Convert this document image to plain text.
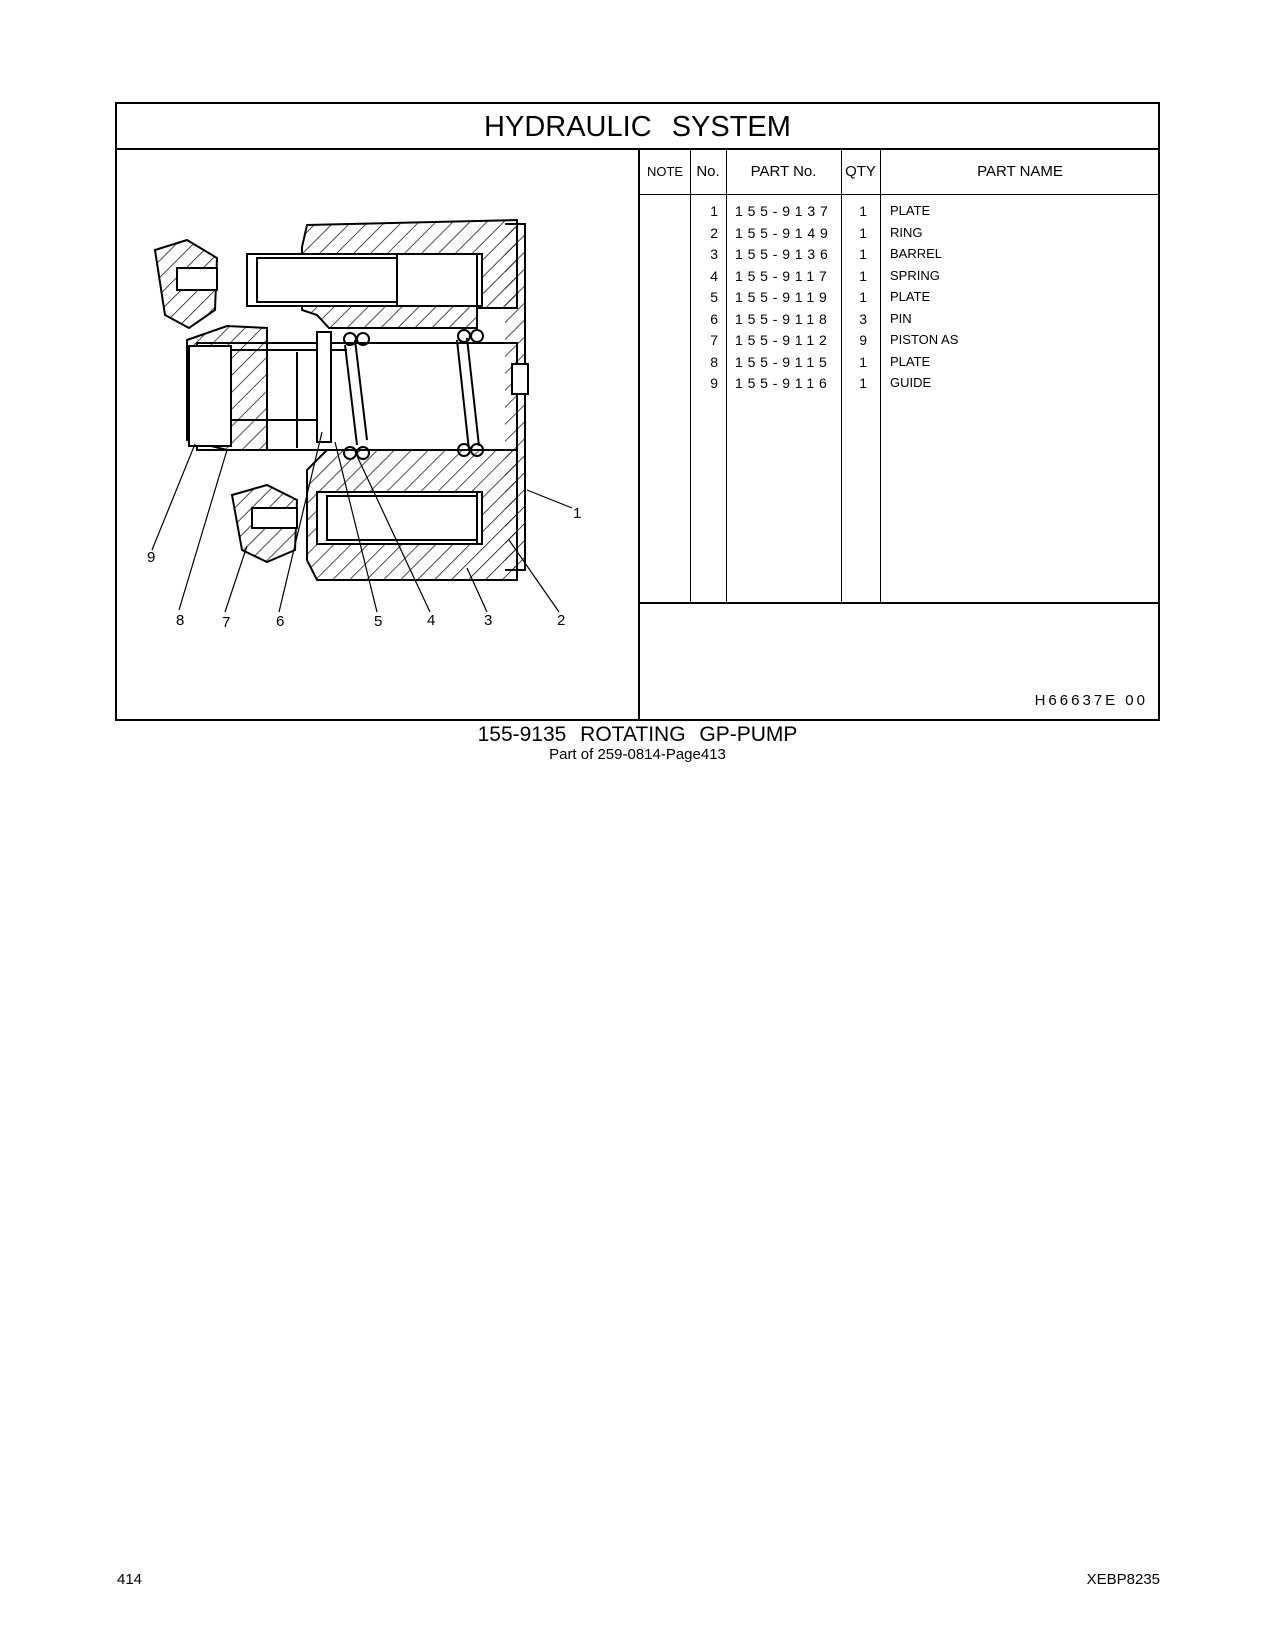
HYDRAULIC SYSTEM
1
2
3
4
5
6
7
8
9
NOTE No.	PART No.	QTY	PART NAME
1 155-9137	1 PLATE
2 155-9149	1 RING
3 155-9136	1 BARREL
4 155-9117	1 SPRING
5 155-9119	1 PLATE
6 155-9118	3 PIN
7 155-9112	9 PISTON AS
8 155-9115	1 PLATE
9 155-9116	1 GUIDE
H66637E 00
155-9135 ROTATING GP-PUMP
Part of 259-0814-Page413
414	XEBP8235
